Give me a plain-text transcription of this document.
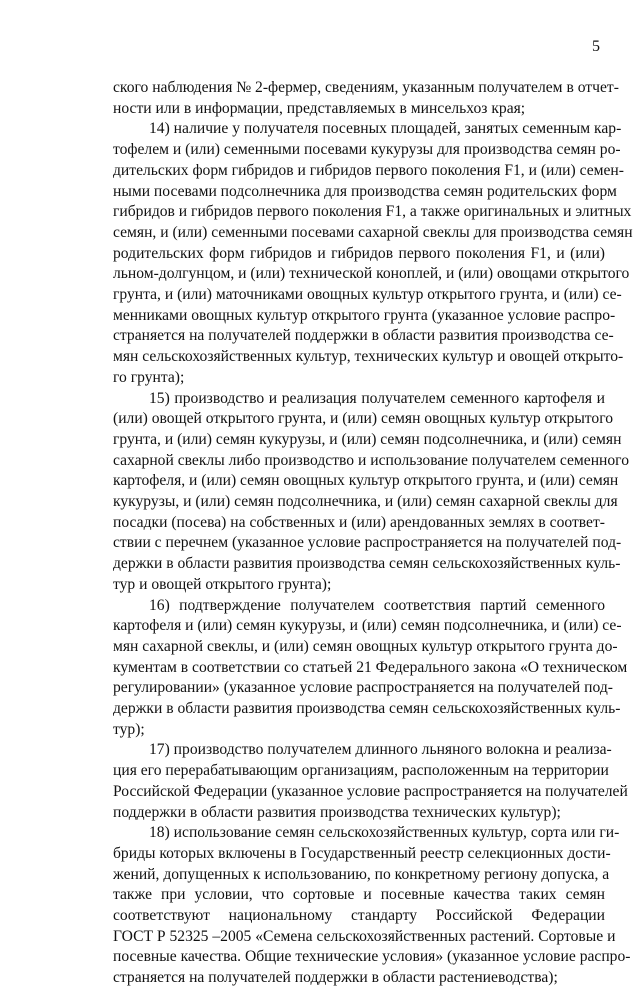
5
ского наблюдения № 2-фермер, сведениям, указанным получателем в отчет-
ности или в информации, представляемых в минсельхоз края;
14) наличие у получателя посевных площадей, занятых семенным кар-
тофелем и (или) семенными посевами кукурузы для производства семян ро-
дительских форм гибридов и гибридов первого поколения F1, и (или) семен-
ными посевами подсолнечника для производства семян родительских форм
гибридов и гибридов первого поколения F1, а также оригинальных и элитных
семян, и (или) семенными посевами сахарной свеклы для производства семян
родительских форм гибридов и гибридов первого поколения F1, и (или)
льном-долгунцом, и (или) технической коноплей, и (или) овощами открытого
грунта, и (или) маточниками овощных культур открытого грунта, и (или) се-
менниками овощных культур открытого грунта (указанное условие распро-
страняется на получателей поддержки в области развития производства се-
мян сельскохозяйственных культур, технических культур и овощей открыто-
го грунта);
15) производство и реализация получателем семенного картофеля и
(или) овощей открытого грунта, и (или) семян овощных культур открытого
грунта, и (или) семян кукурузы, и (или) семян подсолнечника, и (или) семян
сахарной свеклы либо производство и использование получателем семенного
картофеля, и (или) семян овощных культур открытого грунта, и (или) семян
кукурузы, и (или) семян подсолнечника, и (или) семян сахарной свеклы для
посадки (посева) на собственных и (или) арендованных землях в соответ-
ствии с перечнем (указанное условие распространяется на получателей под-
держки в области развития производства семян сельскохозяйственных куль-
тур и овощей открытого грунта);
16) подтверждение получателем соответствия партий семенного
картофеля и (или) семян кукурузы, и (или) семян подсолнечника, и (или) се-
мян сахарной свеклы, и (или) семян овощных культур открытого грунта до-
кументам в соответствии со статьей 21 Федерального закона «О техническом
регулировании» (указанное условие распространяется на получателей под-
держки в области развития производства семян сельскохозяйственных куль-
тур);
17) производство получателем длинного льняного волокна и реализа-
ция его перерабатывающим организациям, расположенным на территории
Российской Федерации (указанное условие распространяется на получателей
поддержки в области развития производства технических культур);
18) использование семян сельскохозяйственных культур, сорта или ги-
бриды которых включены в Государственный реестр селекционных дости-
жений, допущенных к использованию, по конкретному региону допуска, а
также при условии, что сортовые и посевные качества таких семян
соответствуют национальному стандарту Российской Федерации
ГОСТ Р 52325 –2005 «Семена сельскохозяйственных растений. Сортовые и
посевные качества. Общие технические условия» (указанное условие распро-
страняется на получателей поддержки в области растениеводства);
